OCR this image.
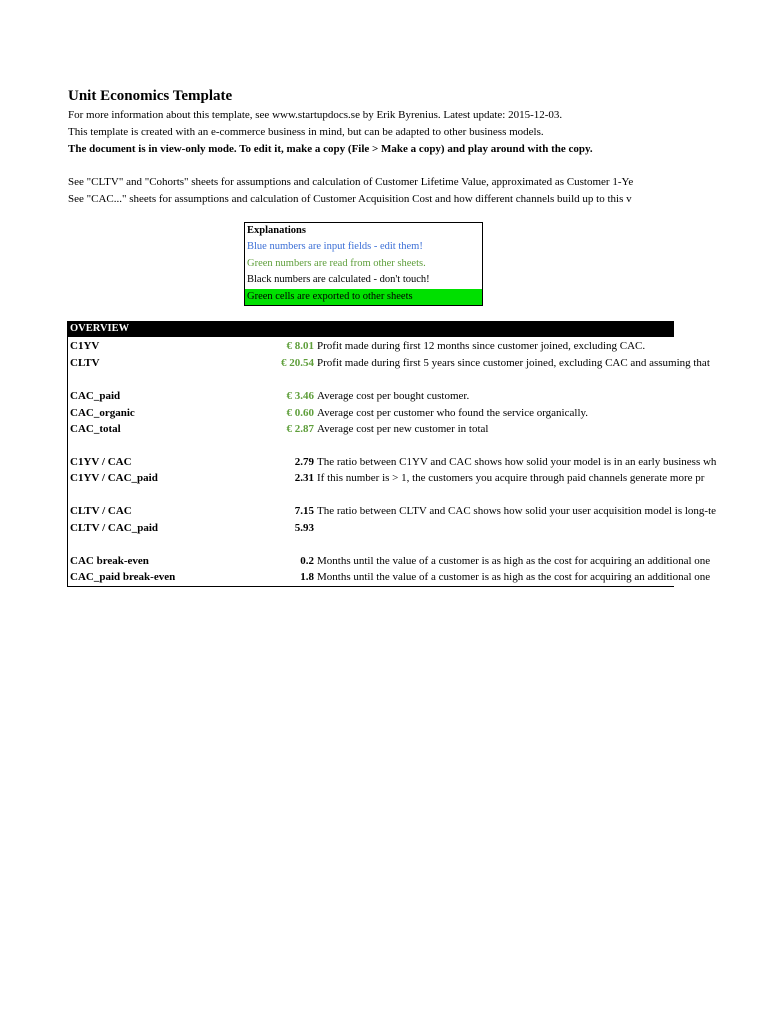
Unit Economics Template
For more information about this template, see www.startupdocs.se by Erik Byrenius. Latest update: 2015-12-03.
This template is created with an e-commerce business in mind, but can be adapted to other business models.
The document is in view-only mode. To edit it, make a copy (File > Make a copy) and play around with the copy.
See "CLTV" and "Cohorts" sheets for assumptions and calculation of Customer Lifetime Value, approximated as Customer 1-Ye
See "CAC..." sheets for assumptions and calculation of Customer Acquisition Cost and how different channels build up to this v
Explanations
Blue numbers are input fields - edit them!
Green numbers are read from other sheets.
Black numbers are calculated - don't touch!
Green cells are exported to other sheets
OVERVIEW
C1YV	€ 8.01 Profit made during first 12 months since customer joined, excluding CAC.
CLTV	€ 20.54 Profit made during first 5 years since customer joined, excluding CAC and assuming that
CAC_paid	€ 3.46 Average cost per bought customer.
CAC_organic	€ 0.60 Average cost per customer who found the service organically.
CAC_total	€ 2.87 Average cost per new customer in total
C1YV / CAC	2.79 The ratio between C1YV and CAC shows how solid your model is in an early business wh
C1YV / CAC_paid	2.31 If this number is > 1, the customers you acquire through paid channels generate more pr
CLTV / CAC	7.15 The ratio between CLTV and CAC shows how solid your user acquisition model is long-te
CLTV / CAC_paid	5.93
CAC break-even	0.2 Months until the value of a customer is as high as the cost for acquiring an additional one
CAC_paid break-even	1.8 Months until the value of a customer is as high as the cost for acquiring an additional one
